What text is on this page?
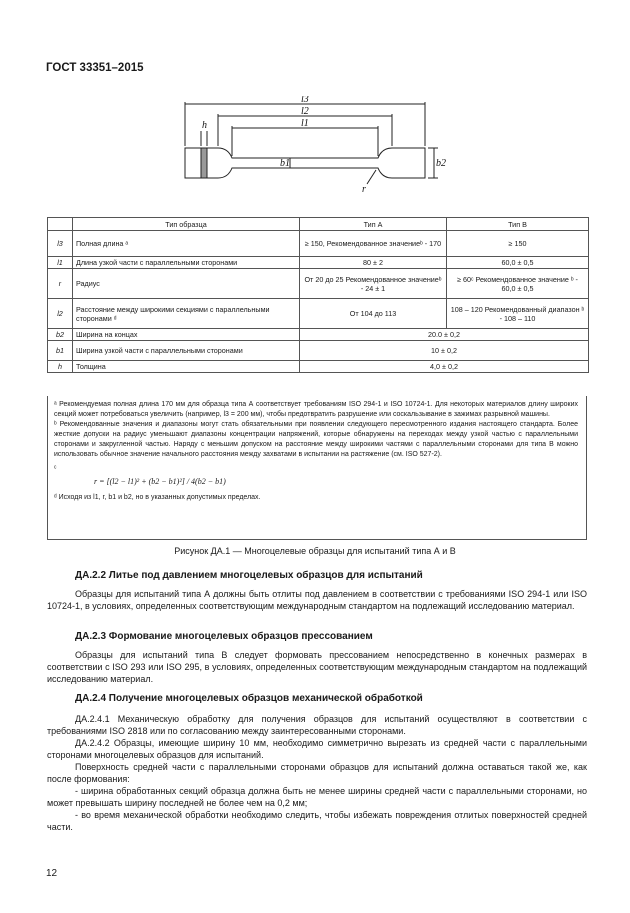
ГОСТ 33351–2015
l3
l2
l1
h
b1	b2
r
	Тип образца	Тип А	Тип В
l3	Полная длина ᵃ	≥ 150, Рекомендованное значениеᵇ - 170	≥ 150
l1	Длина узкой части с параллельными сторонами	80 ± 2	60,0 ± 0,5
r	Радиус	От 20 до 25 Рекомендованное значениеᵇ - 24 ± 1	≥ 60ᶜ Рекомендованное значение ᵇ - 60,0 ± 0,5
l2	Расстояние между широкими секциями с параллельными сторонами ᵈ	От 104 до 113	108 – 120 Рекомендованный диапазон ᵇ - 108 – 110
b2	Ширина на концах	20.0 ± 0,2	
b1	Ширина узкой части с параллельными сторонами	10 ± 0,2	
h	Толщина	4,0 ± 0,2	

ᵃ Рекомендуемая полная длина 170 мм для образца типа А соответствует требованиям ISO 294-1 и ISO 10724-1. Для некоторых материалов длину широких секций может потребоваться увеличить (например, l3 = 200 мм), чтобы предотвратить разрушение или соскальзывание в зажимах разрывной машины.

ᵇ Рекомендованные значения и диапазоны могут стать обязательными при появлении следующего пересмотренного издания настоящего стандарта. Более жесткие допуски на радиус уменьшают диапазоны концентрации напряжений, которые обнаружены на переходах между узкой частью с параллельными сторонами и закругленной частью. Наряду с меньшим допуском на расстояние между широкими частями с параллельными сторонами для типа В можно использовать обычное значение начального расстояния между захватами в испытании на растяжение (см. ISO 527-2).

ᶜ

r = [(l2 − l1)² + (b2 − b1)²] / 4(b2 − b1)

ᵈ Исходя из l1, r, b1 и b2, но в указанных допустимых пределах.

Рисунок ДА.1 — Многоцелевые образцы для испытаний типа А и В
ДА.2.2 Литье под давлением многоцелевых образцов для испытаний

Образцы для испытаний типа А должны быть отлиты под давлением в соответствии с требованиями ISO 294-1 или ISO 10724-1, в условиях, определенных соответствующим международным стандартом на подлежащий исследованию материал.

ДА.2.3 Формование многоцелевых образцов прессованием

Образцы для испытаний типа В следует формовать прессованием непосредственно в конечных размерах в соответствии с ISO 293 или ISO 295, в условиях, определенных соответствующим международным стандартом на подлежащий исследованию материал.

ДА.2.4 Получение многоцелевых образцов механической обработкой

ДА.2.4.1 Механическую обработку для получения образцов для испытаний осуществляют в соответствии с требованиями ISO 2818 или по согласованию между заинтересованными сторонами.

ДА.2.4.2 Образцы, имеющие ширину 10 мм, необходимо симметрично вырезать из средней части с параллельными сторонами многоцелевых образцов для испытаний.

Поверхность средней части с параллельными сторонами образцов для испытаний должна оставаться такой же, как после формования:

- ширина обработанных секций образца должна быть не менее ширины средней части с параллельными сторонами, но может превышать ширину последней не более чем на 0,2 мм;

- во время механической обработки необходимо следить, чтобы избежать повреждения отлитых поверхностей средней части.

12
